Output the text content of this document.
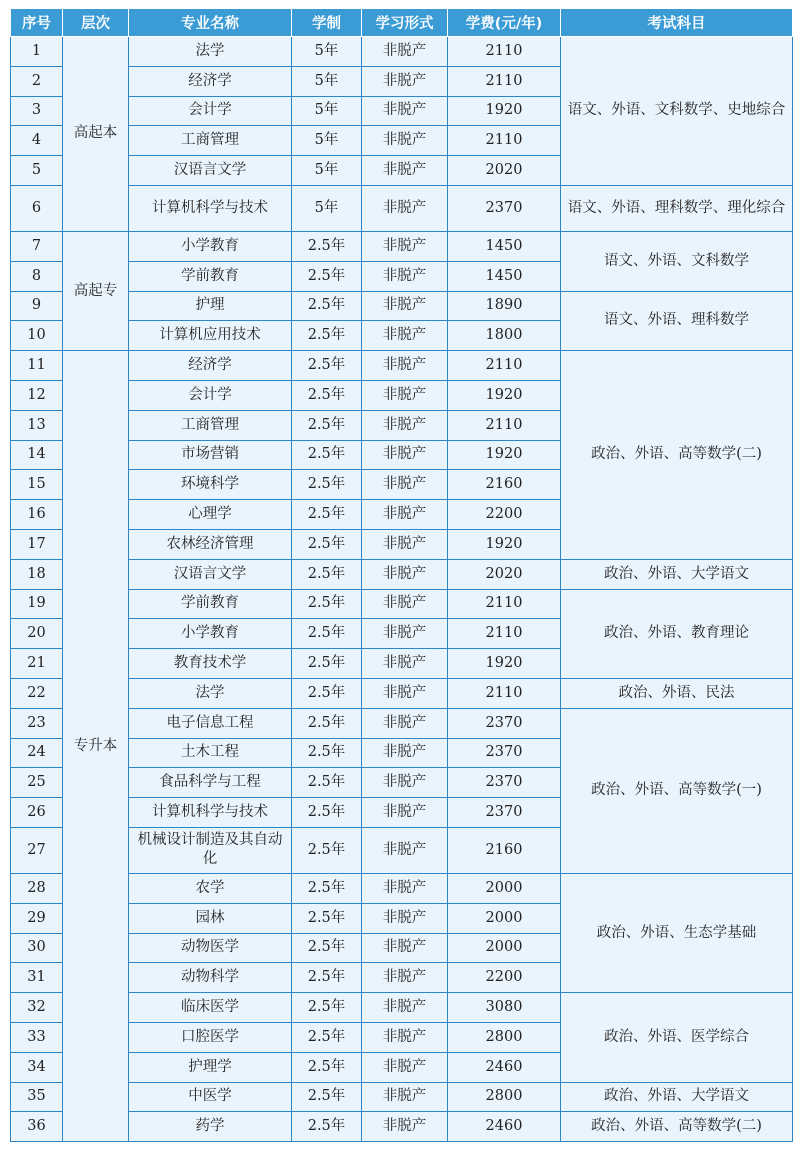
序号	层次	专业名称	学制	学习形式	学费(元/年)	考试科目
1	高起本	法学	5年	非脱产	2110	语文、外语、文科数学、史地综合
2		经济学	5年	非脱产	2110	
3		会计学	5年	非脱产	1920	
4		工商管理	5年	非脱产	2110	
5		汉语言文学	5年	非脱产	2020	
6		计算机科学与技术	5年	非脱产	2370	语文、外语、理科数学、理化综合
7	高起专	小学教育	2.5年	非脱产	1450	语文、外语、文科数学
8		学前教育	2.5年	非脱产	1450	
9		护理	2.5年	非脱产	1890	语文、外语、理科数学
10		计算机应用技术	2.5年	非脱产	1800	
11	专升本	经济学	2.5年	非脱产	2110	政治、外语、高等数学(二)
12		会计学	2.5年	非脱产	1920	
13		工商管理	2.5年	非脱产	2110	
14		市场营销	2.5年	非脱产	1920	
15		环境科学	2.5年	非脱产	2160	
16		心理学	2.5年	非脱产	2200	
17		农林经济管理	2.5年	非脱产	1920	
18		汉语言文学	2.5年	非脱产	2020	政治、外语、大学语文
19		学前教育	2.5年	非脱产	2110	政治、外语、教育理论
20		小学教育	2.5年	非脱产	2110	
21		教育技术学	2.5年	非脱产	1920	
22		法学	2.5年	非脱产	2110	政治、外语、民法
23		电子信息工程	2.5年	非脱产	2370	政治、外语、高等数学(一)
24		土木工程	2.5年	非脱产	2370	
25		食品科学与工程	2.5年	非脱产	2370	
26		计算机科学与技术	2.5年	非脱产	2370	
27		机械设计制造及其自动化	2.5年	非脱产	2160	
28		农学	2.5年	非脱产	2000	政治、外语、生态学基础
29		园林	2.5年	非脱产	2000	
30		动物医学	2.5年	非脱产	2000	
31		动物科学	2.5年	非脱产	2200	
32		临床医学	2.5年	非脱产	3080	政治、外语、医学综合
33		口腔医学	2.5年	非脱产	2800	
34		护理学	2.5年	非脱产	2460	
35		中医学	2.5年	非脱产	2800	政治、外语、大学语文
36		药学	2.5年	非脱产	2460	政治、外语、高等数学(二)
